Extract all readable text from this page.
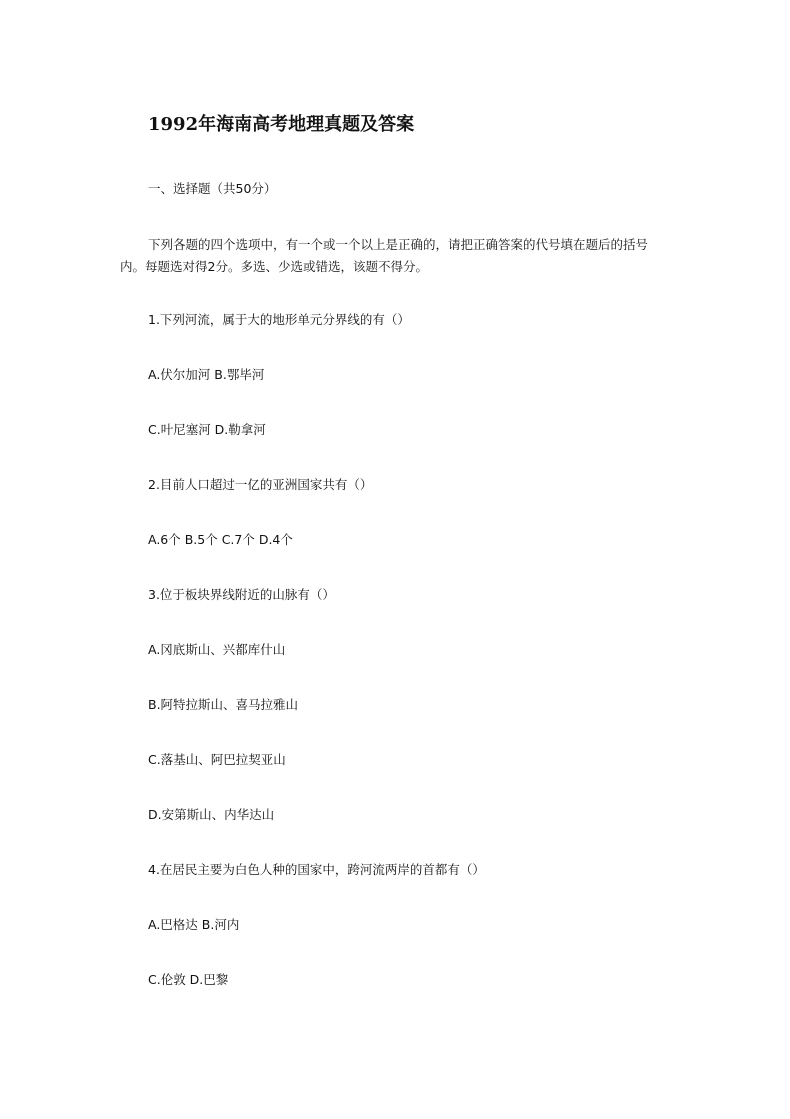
1992年海南高考地理真题及答案

一、选择题（共50分）

下列各题的四个选项中，有一个或一个以上是正确的，请把正确答案的代号填在题后的括号内。每题选对得2分。多选、少选或错选，该题不得分。

1.下列河流，属于大的地形单元分界线的有（）

A.伏尔加河 B.鄂毕河

C.叶尼塞河 D.勒拿河

2.目前人口超过一亿的亚洲国家共有（）

A.6个 B.5个 C.7个 D.4个

3.位于板块界线附近的山脉有（）

A.冈底斯山、兴都库什山

B.阿特拉斯山、喜马拉雅山

C.落基山、阿巴拉契亚山

D.安第斯山、内华达山

4.在居民主要为白色人种的国家中，跨河流两岸的首都有（）

A.巴格达 B.河内

C.伦敦 D.巴黎
